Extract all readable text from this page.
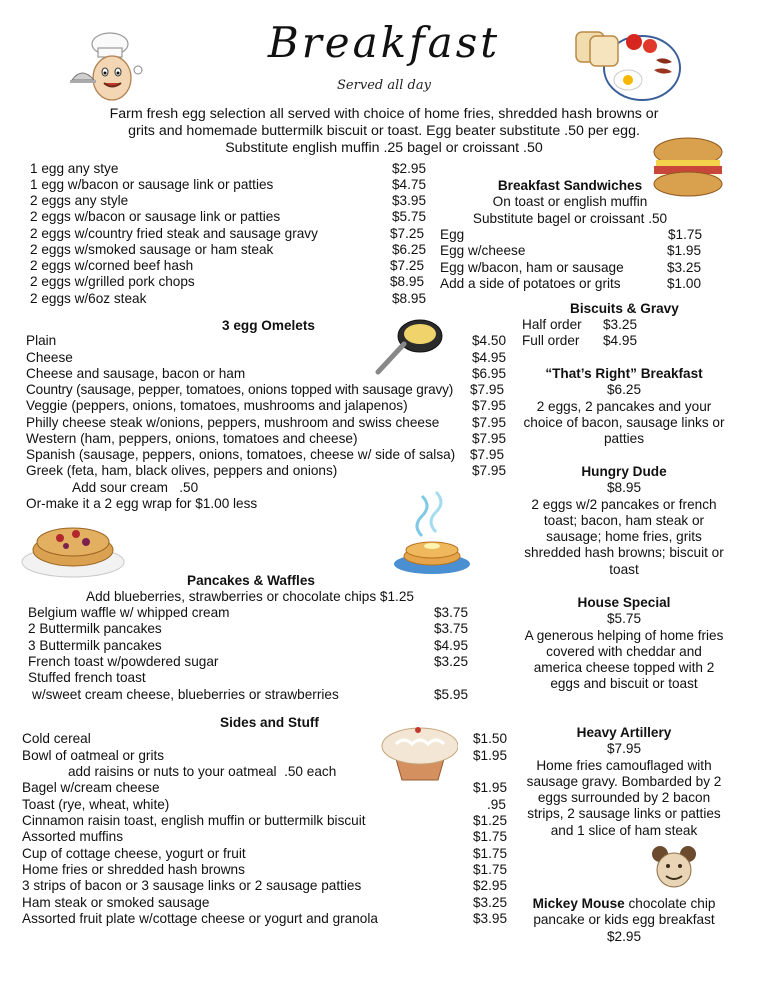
Breakfast
Served all day
Farm fresh egg selection all served with choice of home fries, shredded hash browns or
grits and homemade buttermilk biscuit or toast. Egg beater substitute .50 per egg.
Substitute english muffin .25 bagel or croissant .50
1 egg any stye	$2.95
1 egg w/bacon or sausage link or patties	$4.75
2 eggs any style	$3.95
2 eggs w/bacon or sausage link or patties	$5.75
2 eggs w/country fried steak and sausage gravy	$7.25
2 eggs w/smoked sausage or ham steak	$6.25
2 eggs w/corned beef hash	$7.25
2 eggs w/grilled pork chops	$8.95
2 eggs w/6oz steak	$8.95
3 egg Omelets
Plain	$4.50
Cheese	$4.95
Cheese and sausage, bacon or ham	$6.95
Country (sausage, pepper, tomatoes, onions topped with sausage gravy) $7.95
Veggie (peppers, onions, tomatoes, mushrooms and jalapenos)	$7.95
Philly cheese steak w/onions, peppers, mushroom and swiss cheese $7.95
Western (ham, peppers, onions, tomatoes and cheese)	$7.95
Spanish (sausage, peppers, onions, tomatoes, cheese w/ side of salsa) $7.95
Greek (feta, ham, black olives, peppers and onions)	$7.95
Add sour cream   .50
Or-make it a 2 egg wrap for $1.00 less
Pancakes & Waffles
Add blueberries, strawberries or chocolate chips $1.25
Belgium waffle w/ whipped cream	$3.75
2 Buttermilk pancakes	$3.75
3 Buttermilk pancakes	$4.95
French toast w/powdered sugar	$3.25
Stuffed french toast
w/sweet cream cheese, blueberries or strawberries	$5.95
Sides and Stuff
Cold cereal	$1.50
Bowl of oatmeal or grits	$1.95
add raisins or nuts to your oatmeal  .50 each
Bagel w/cream cheese	$1.95
Toast (rye, wheat, white)	.95
Cinnamon raisin toast, english muffin or buttermilk biscuit	$1.25
Assorted muffins	$1.75
Cup of cottage cheese, yogurt or fruit	$1.75
Home fries or shredded hash browns	$1.75
3 strips of bacon or 3 sausage links or 2 sausage patties	$2.95
Ham steak or smoked sausage	$3.25
Assorted fruit plate w/cottage cheese or yogurt and granola	$3.95
Breakfast Sandwiches
On toast or english muffin
Substitute bagel or croissant .50
Egg	$1.75
Egg w/cheese	$1.95
Egg w/bacon, ham or sausage	$3.25
Add a side of potatoes or grits	$1.00
Biscuits & Gravy
Half order $3.25
Full order $4.95
“That’s Right” Breakfast
$6.25
2 eggs, 2 pancakes and your
choice of bacon, sausage links or
patties
Hungry Dude
$8.95
2 eggs w/2 pancakes or french
toast; bacon, ham steak or
sausage; home fries, grits
shredded hash browns; biscuit or
toast
House Special
$5.75
A generous helping of home fries
covered with cheddar and
america cheese topped with 2
eggs and biscuit or toast
Heavy Artillery
$7.95
Home fries camouflaged with
sausage gravy. Bombarded by 2
eggs surrounded by 2 bacon
strips, 2 sausage links or patties
and 1 slice of ham steak
Mickey Mouse chocolate chip
pancake or kids egg breakfast
$2.95
